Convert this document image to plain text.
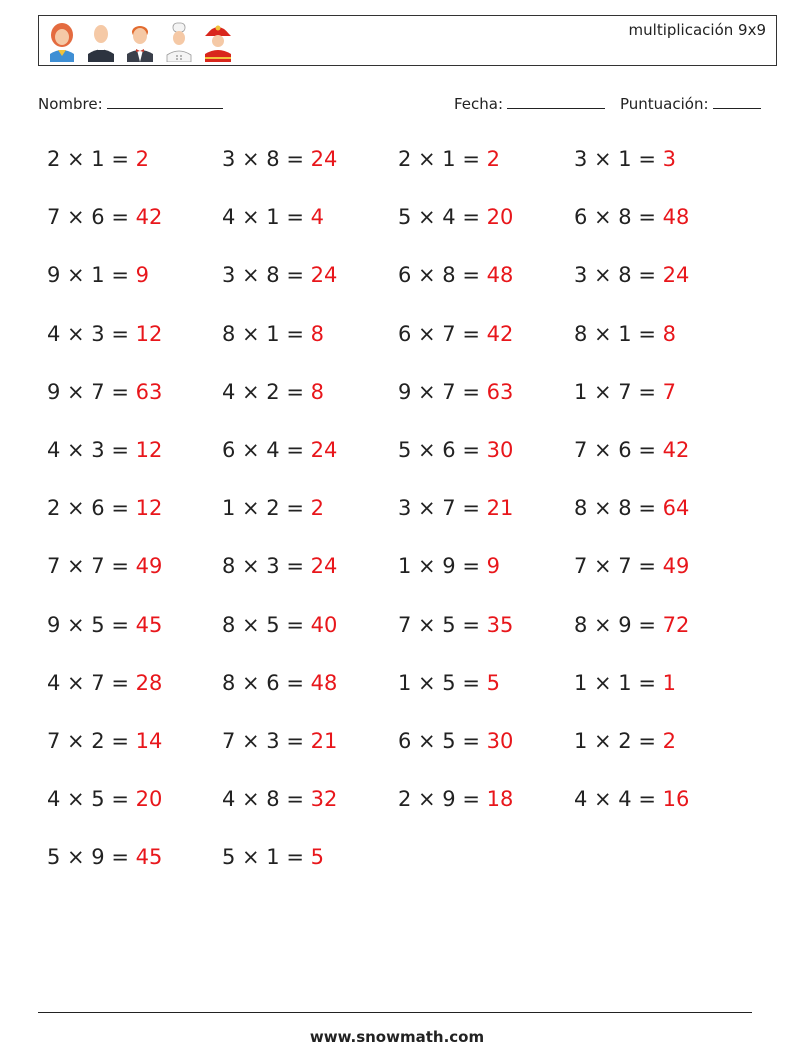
multiplicación 9x9
Nombre:	Fecha:	Puntuación:
2 × 1 = 2	3 × 8 = 24	2 × 1 = 2	3 × 1 = 3
7 × 6 = 42	4 × 1 = 4	5 × 4 = 20	6 × 8 = 48
9 × 1 = 9	3 × 8 = 24	6 × 8 = 48	3 × 8 = 24
4 × 3 = 12	8 × 1 = 8	6 × 7 = 42	8 × 1 = 8
9 × 7 = 63	4 × 2 = 8	9 × 7 = 63	1 × 7 = 7
4 × 3 = 12	6 × 4 = 24	5 × 6 = 30	7 × 6 = 42
2 × 6 = 12	1 × 2 = 2	3 × 7 = 21	8 × 8 = 64
7 × 7 = 49	8 × 3 = 24	1 × 9 = 9	7 × 7 = 49
9 × 5 = 45	8 × 5 = 40	7 × 5 = 35	8 × 9 = 72
4 × 7 = 28	8 × 6 = 48	1 × 5 = 5	1 × 1 = 1
7 × 2 = 14	7 × 3 = 21	6 × 5 = 30	1 × 2 = 2
4 × 5 = 20	4 × 8 = 32	2 × 9 = 18	4 × 4 = 16
5 × 9 = 45	5 × 1 = 5
www.snowmath.com
